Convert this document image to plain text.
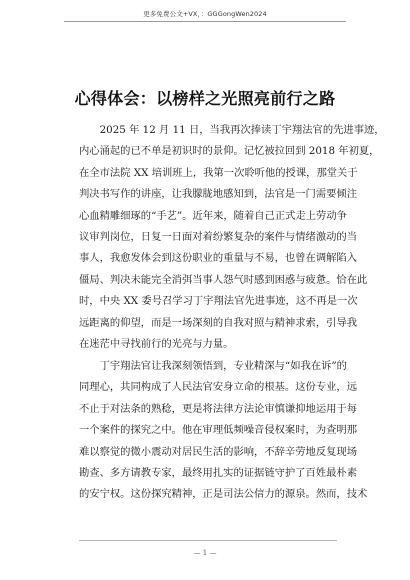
更多免费公文+VX，：GGGongWen2024
心得体会：以榜样之光照亮前行之路
　　2025 年 12 月 11 日，当我再次捧读丁宇翔法官的先进事迹，
内心涌起的已不单是初识时的景仰。记忆被拉回到 2018 年初夏，
在全市法院 XX 培训班上，我第一次聆听他的授课，那堂关于
判决书写作的讲座，让我朦胧地感知到，法官是一门需要倾注
心血精雕细琢的“手艺”。近年来，随着自己正式走上劳动争
议审判岗位，日复一日面对着纷繁复杂的案件与情绪激动的当
事人，我愈发体会到这份职业的重量与不易，也曾在调解陷入
僵局、判决未能完全消弭当事人怨气时感到困惑与疲惫。恰在此
时，中央 XX 委号召学习丁宇翔法官先进事迹，这不再是一次
远距离的仰望，而是一场深刻的自我对照与精神求索，引导我
在迷茫中寻找前行的光亮与力量。
　　丁宇翔法官让我深刻领悟到，专业精深与“如我在诉”的
同理心，共同构成了人民法官安身立命的根基。这份专业，远
不止于对法条的熟稔，更是将法律方法论审慎谦抑地运用于每
一个案件的探究之中。他在审理低频噪音侵权案时，为查明那
难以察觉的微小震动对居民生活的影响，不辞辛劳地反复现场
勘查、多方请教专家，最终用扎实的证据链守护了百姓最朴素
的安宁权。这份探究精神，正是司法公信力的源泉。然而，技术
— 1 —
